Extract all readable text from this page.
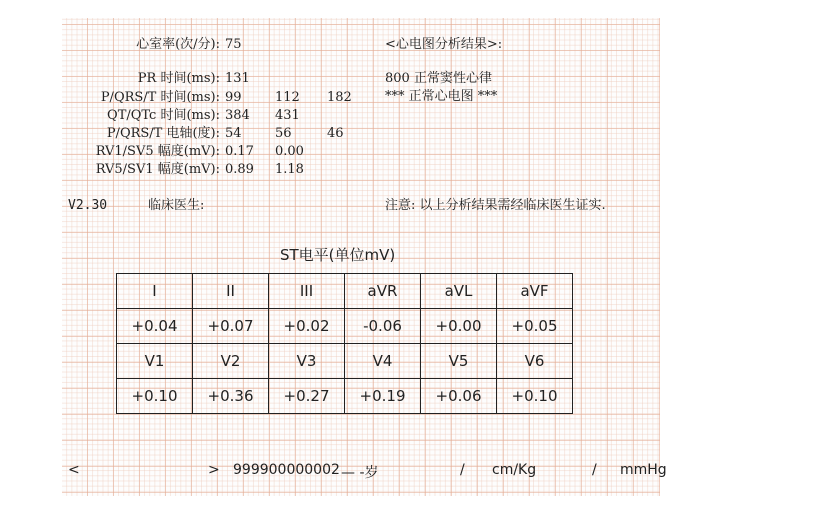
心室率(次/分): 75
PR 时间(ms): 131
P/QRS/T 时间(ms): 99	112 182
QT/QTc 时间(ms): 384 431
P/QRS/T 电轴(度): 54	56	46
RV1/SV5 幅度(mV): 0.17 0.00
RV5/SV1 幅度(mV): 0.89 1.18
V2.30	临床医生:
<心电图分析结果>:
800 正常窦性心律
*** 正常心电图 ***
注意: 以上分析结果需经临床医生证实.
ST电平(单位mV)
I	II	III	aVR	aVL	aVF
+0.04	+0.07	+0.02	-0.06	+0.00	+0.05
V1	V2	V3	V4	V5	V6
+0.10	+0.36	+0.27	+0.19	+0.06	+0.10
<	> 999900000002 — -岁	/ cm/Kg	/ mmHg
